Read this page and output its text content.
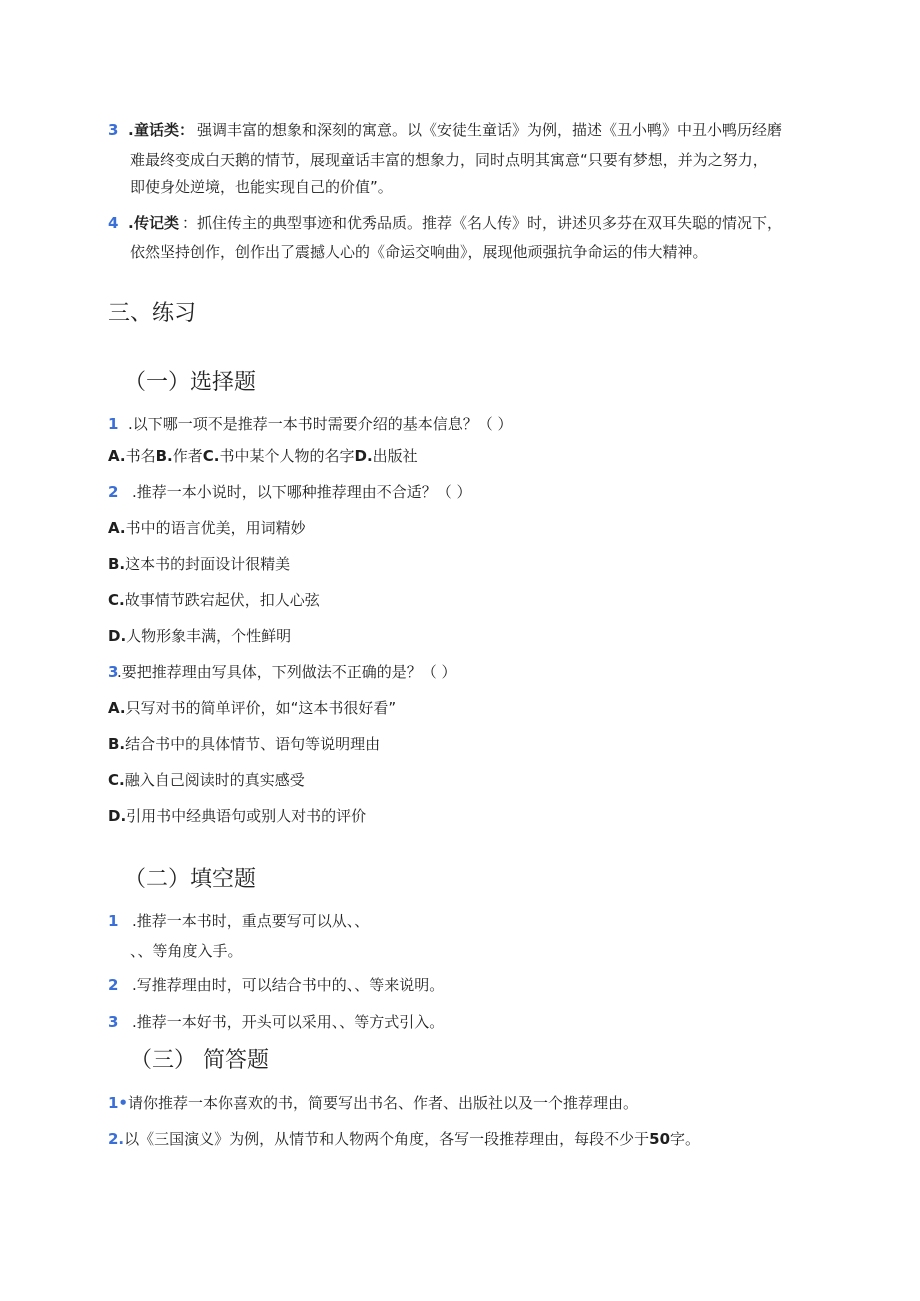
3 . 童话类： 强调丰富的想象和深刻的寓意。以《安徒生童话》为例，描述《丑小鸭》中丑小鸭历经磨
难最终变成白天鹅的情节，展现童话丰富的想象力，同时点明其寓意“只要有梦想，并为之努力，
即使身处逆境，也能实现自己的价值”。
4 . 传记类 ：抓住传主的典型事迹和优秀品质。推荐《名人传》时，讲述贝多芬在双耳失聪的情况下，
依然坚持创作，创作出了震撼人心的《命运交响曲》，展现他顽强抗争命运的伟大精神。
三、练习
（一）选择题
1 .以下哪一项不是推荐一本书时需要介绍的基本信息？（ ）
A.书名B.作者C.书中某个人物的名字D.出版社
2 .推荐一本小说时，以下哪种推荐理由不合适？（ ）
A.书中的语言优美，用词精妙
B.这本书的封面设计很精美
C.故事情节跌宕起伏，扣人心弦
D.人物形象丰满，个性鲜明
3
.要把推荐理由写具体，下列做法不正确的是？（ ）
A.只写对书的简单评价，如“这本书很好看”
B.结合书中的具体情节、语句等说明理由
C.融入自己阅读时的真实感受
D.引用书中经典语句或别人对书的评价
（二）填空题
1 .推荐一本书时，重点要写可以从、、
、、等角度入手。
2 .写推荐理由时，可以结合书中的、、等来说明。
3 .推荐一本好书，开头可以采用、、等方式引入。
（三） 简答题
1•请你推荐一本你喜欢的书，简要写出书名、作者、出版社以及一个推荐理由。
2.以《三国演义》为例，从情节和人物两个角度，各写一段推荐理由，每段不少于50字。
